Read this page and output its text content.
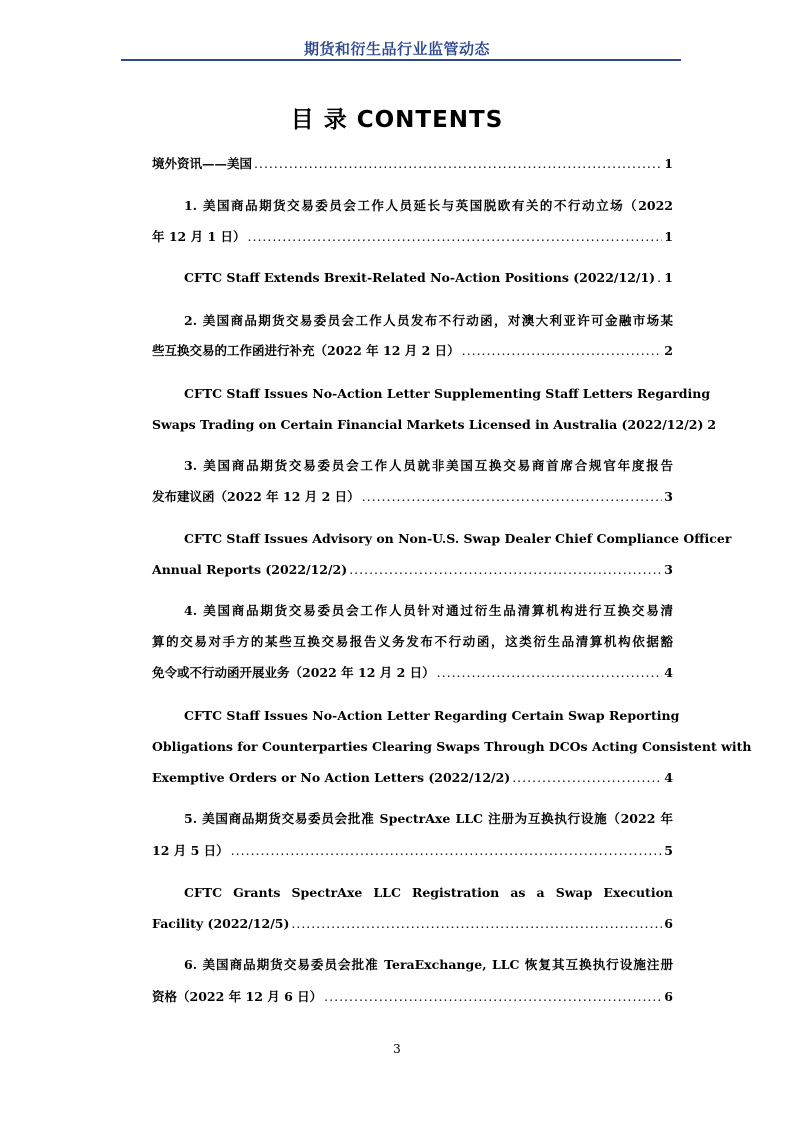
期货和衍生品行业监管动态
目 录 CONTENTS
境外资讯——美国 .....	1
1. 美国商品期货交易委员会工作人员延长与英国脱欧有关的不行动立场（2022
年 12 月 1 日） .....	1
CFTC Staff Extends Brexit-Related No-Action Positions (2022/12/1) ..... 1
2. 美国商品期货交易委员会工作人员发布不行动函，对澳大利亚许可金融市场某
些互换交易的工作函进行补充（2022 年 12 月 2 日） .....	2
CFTC Staff Issues No-Action Letter Supplementing Staff Letters Regarding
Swaps Trading on Certain Financial Markets Licensed in Australia (2022/12/2) 2
3. 美国商品期货交易委员会工作人员就非美国互换交易商首席合规官年度报告
发布建议函（2022 年 12 月 2 日） .....	3
CFTC Staff Issues Advisory on Non-U.S. Swap Dealer Chief Compliance Officer
Annual Reports (2022/12/2) .....	3
4. 美国商品期货交易委员会工作人员针对通过衍生品清算机构进行互换交易清
算的交易对手方的某些互换交易报告义务发布不行动函，这类衍生品清算机构依据豁
免令或不行动函开展业务（2022 年 12 月 2 日） .....	4
CFTC Staff Issues No-Action Letter Regarding Certain Swap Reporting
Obligations for Counterparties Clearing Swaps Through DCOs Acting Consistent with
Exemptive Orders or No Action Letters (2022/12/2) .....	4
5. 美国商品期货交易委员会批准 SpectrAxe LLC 注册为互换执行设施（2022 年
12 月 5 日） .....	5
CFTC Grants SpectrAxe LLC Registration as a Swap Execution
Facility (2022/12/5) .....	6
6. 美国商品期货交易委员会批准 TeraExchange, LLC 恢复其互换执行设施注册
资格（2022 年 12 月 6 日） .....	6
3
